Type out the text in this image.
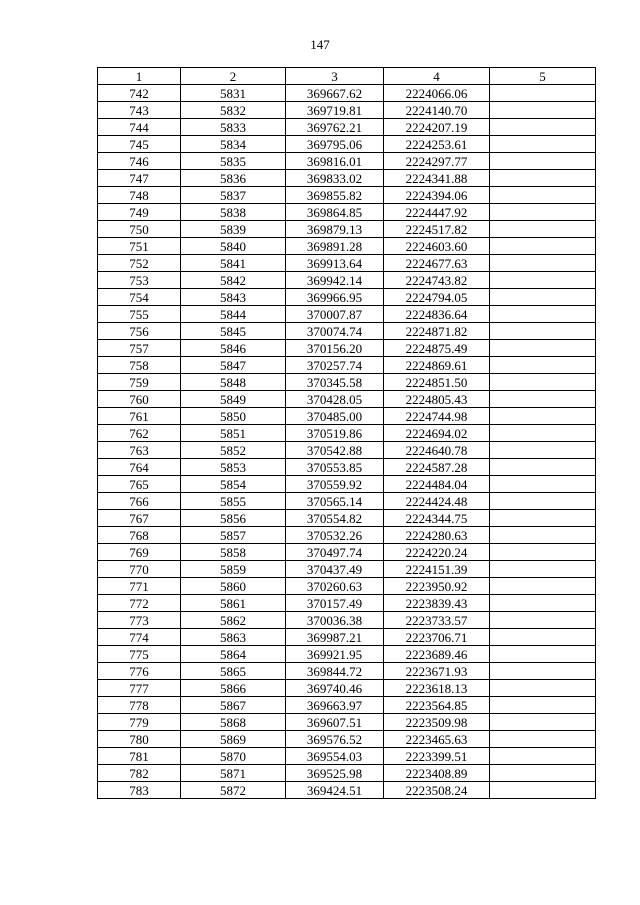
147
1	2	3	4	5
742	5831	369667.62	2224066.06	
743	5832	369719.81	2224140.70	
744	5833	369762.21	2224207.19	
745	5834	369795.06	2224253.61	
746	5835	369816.01	2224297.77	
747	5836	369833.02	2224341.88	
748	5837	369855.82	2224394.06	
749	5838	369864.85	2224447.92	
750	5839	369879.13	2224517.82	
751	5840	369891.28	2224603.60	
752	5841	369913.64	2224677.63	
753	5842	369942.14	2224743.82	
754	5843	369966.95	2224794.05	
755	5844	370007.87	2224836.64	
756	5845	370074.74	2224871.82	
757	5846	370156.20	2224875.49	
758	5847	370257.74	2224869.61	
759	5848	370345.58	2224851.50	
760	5849	370428.05	2224805.43	
761	5850	370485.00	2224744.98	
762	5851	370519.86	2224694.02	
763	5852	370542.88	2224640.78	
764	5853	370553.85	2224587.28	
765	5854	370559.92	2224484.04	
766	5855	370565.14	2224424.48	
767	5856	370554.82	2224344.75	
768	5857	370532.26	2224280.63	
769	5858	370497.74	2224220.24	
770	5859	370437.49	2224151.39	
771	5860	370260.63	2223950.92	
772	5861	370157.49	2223839.43	
773	5862	370036.38	2223733.57	
774	5863	369987.21	2223706.71	
775	5864	369921.95	2223689.46	
776	5865	369844.72	2223671.93	
777	5866	369740.46	2223618.13	
778	5867	369663.97	2223564.85	
779	5868	369607.51	2223509.98	
780	5869	369576.52	2223465.63	
781	5870	369554.03	2223399.51	
782	5871	369525.98	2223408.89	
783	5872	369424.51	2223508.24	
